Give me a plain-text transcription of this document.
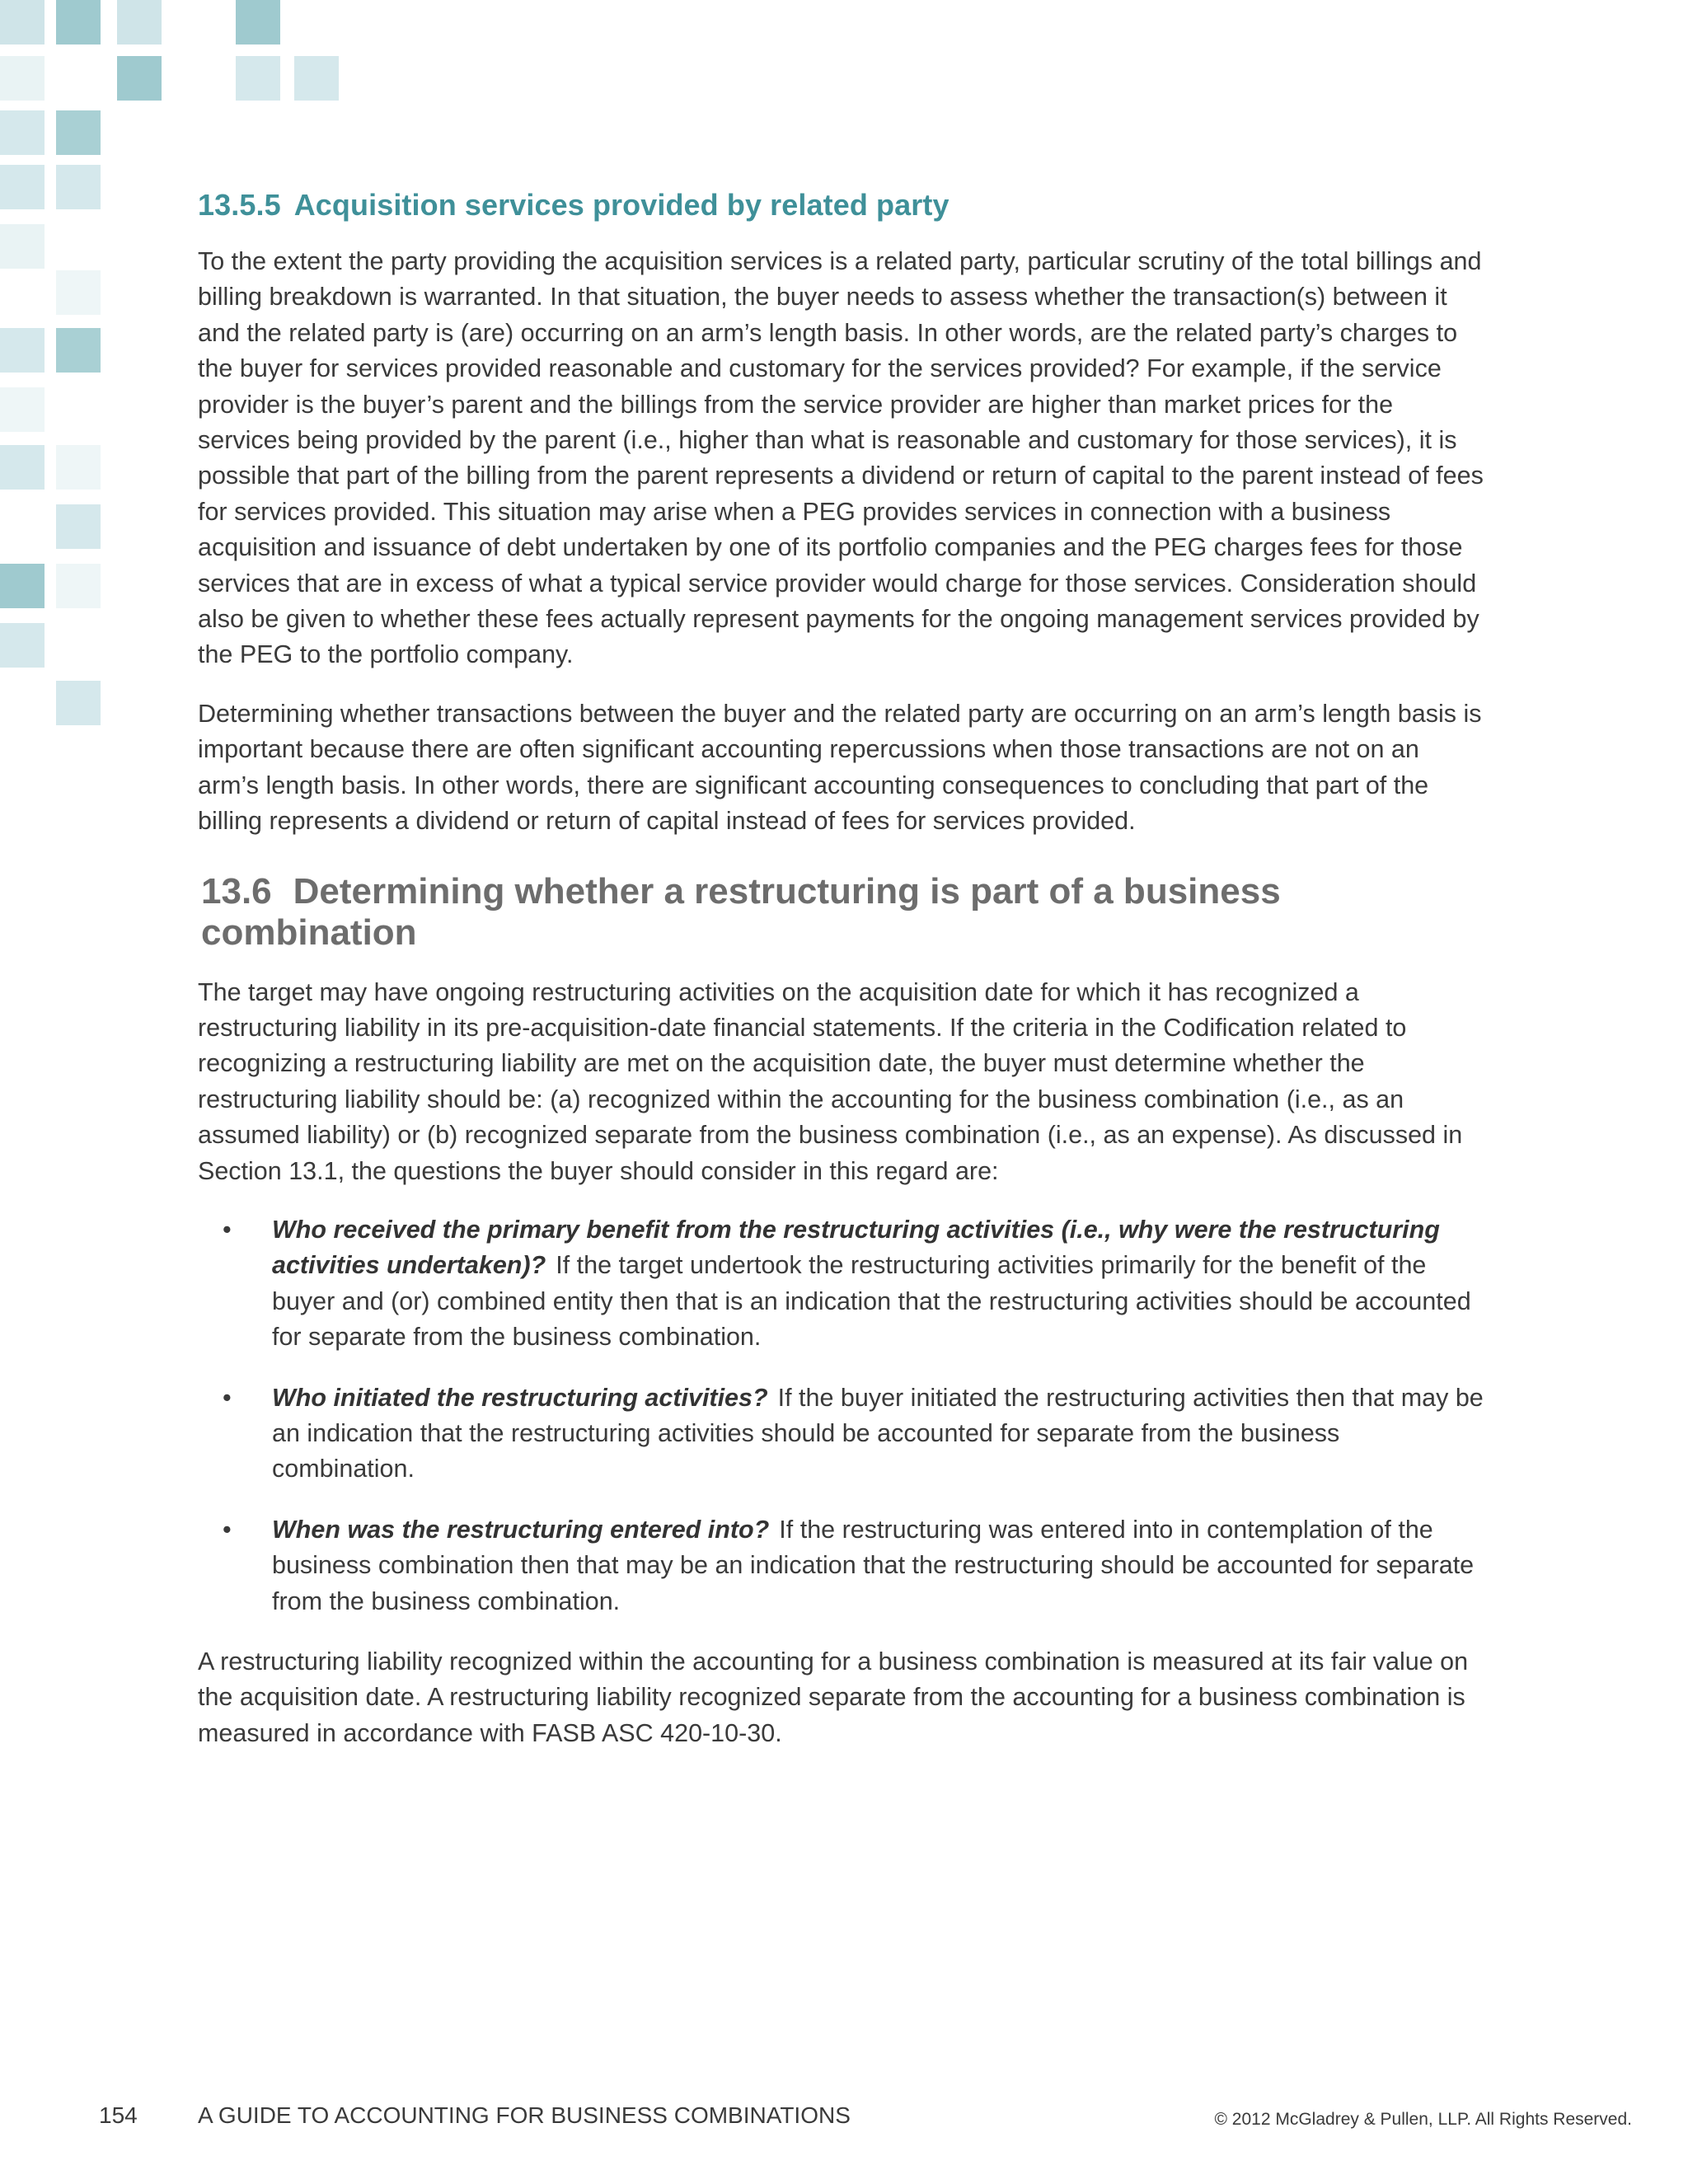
13.5.5 Acquisition services provided by related party

To the extent the party providing the acquisition services is a related party, particular scrutiny of the total billings and billing breakdown is warranted. In that situation, the buyer needs to assess whether the transaction(s) between it and the related party is (are) occurring on an arm’s length basis. In other words, are the related party’s charges to the buyer for services provided reasonable and customary for the services provided? For example, if the service provider is the buyer’s parent and the billings from the service provider are higher than market prices for the services being provided by the parent (i.e., higher than what is reasonable and customary for those services), it is possible that part of the billing from the parent represents a dividend or return of capital to the parent instead of fees for services provided. This situation may arise when a PEG provides services in connection with a business acquisition and issuance of debt undertaken by one of its portfolio companies and the PEG charges fees for those services that are in excess of what a typical service provider would charge for those services. Consideration should also be given to whether these fees actually represent payments for the ongoing management services provided by the PEG to the portfolio company.

Determining whether transactions between the buyer and the related party are occurring on an arm’s length basis is important because there are often significant accounting repercussions when those transactions are not on an arm’s length basis. In other words, there are significant accounting consequences to concluding that part of the billing represents a dividend or return of capital instead of fees for services provided.

13.6 Determining whether a restructuring is part of a business combination

The target may have ongoing restructuring activities on the acquisition date for which it has recognized a restructuring liability in its pre-acquisition-date financial statements. If the criteria in the Codification related to recognizing a restructuring liability are met on the acquisition date, the buyer must determine whether the restructuring liability should be: (a) recognized within the accounting for the business combination (i.e., as an assumed liability) or (b) recognized separate from the business combination (i.e., as an expense). As discussed in Section 13.1, the questions the buyer should consider in this regard are:

• Who received the primary benefit from the restructuring activities (i.e., why were the restructuring activities undertaken)? If the target undertook the restructuring activities primarily for the benefit of the buyer and (or) combined entity then that is an indication that the restructuring activities should be accounted for separate from the business combination.
• Who initiated the restructuring activities? If the buyer initiated the restructuring activities then that may be an indication that the restructuring activities should be accounted for separate from the business combination.
• When was the restructuring entered into? If the restructuring was entered into in contemplation of the business combination then that may be an indication that the restructuring should be accounted for separate from the business combination.

A restructuring liability recognized within the accounting for a business combination is measured at its fair value on the acquisition date. A restructuring liability recognized separate from the accounting for a business combination is measured in accordance with FASB ASC 420-10-30.

154	A GUIDE TO ACCOUNTING FOR BUSINESS COMBINATIONS	© 2012 McGladrey & Pullen, LLP. All Rights Reserved.
